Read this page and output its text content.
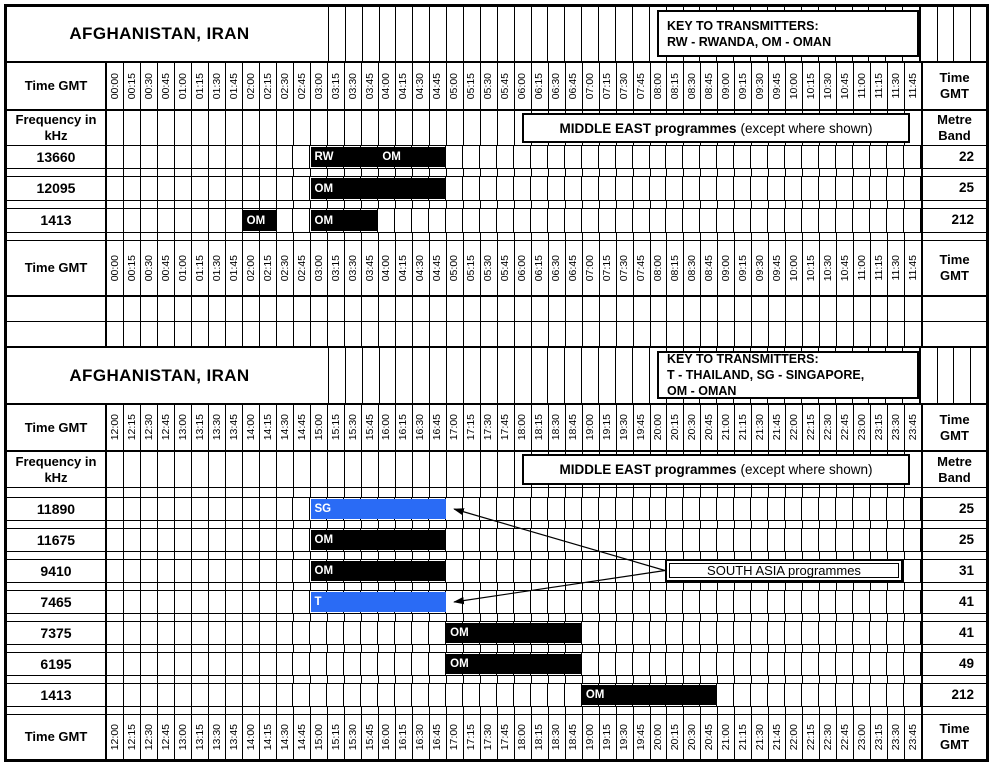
AFGHANISTAN, IRAN	KEY TO TRANSMITTERS:
RW - RWANDA, OM - OMAN
Time GMT	00:00 00:15 00:30 00:45 01:00 01:15 01:30 01:45 02:00 02:15 02:30 02:45 03:00 03:15 03:30 03:45 04:00 04:15 04:30 04:45 05:00 05:15 05:30 05:45 06:00 06:15 06:30 06:45 07:00 07:15 07:30 07:45 08:00 08:15 08:30 08:45 09:00 09:15 09:30 09:45 10:00 10:15 10:30 10:45 11:00 11:15 11:30 11:45 Time
GMT
Frequency in
kHz	MIDDLE EAST programmes (except where shown)
Metre
Band
13660	RW	OM	22
12095	OM	25
1413	OM	OM	212
Time GMT	00:00 00:15 00:30 00:45 01:00 01:15 01:30 01:45 02:00 02:15 02:30 02:45 03:00 03:15 03:30 03:45 04:00 04:15 04:30 04:45 05:00 05:15 05:30 05:45 06:00 06:15 06:30 06:45 07:00 07:15 07:30 07:45 08:00 08:15 08:30 08:45 09:00 09:15 09:30 09:45 10:00 10:15 10:30 10:45 11:00 11:15 11:30 11:45 Time
GMT
AFGHANISTAN, IRAN
KEY TO TRANSMITTERS:
T - THAILAND, SG - SINGAPORE,
OM - OMAN
Time GMT	12:00 12:15 12:30 12:45 13:00 13:15 13:30 13:45 14:00 14:15 14:30 14:45 15:00 15:15 15:30 15:45 16:00 16:15 16:30 16:45 17:00 17:15 17:30 17:45 18:00 18:15 18:30 18:45 19:00 19:15 19:30 19:45 20:00 20:15 20:30 20:45 21:00 21:15 21:30 21:45 22:00 22:15 22:30 22:45 23:00 23:15 23:30 23:45 Time
GMT
Frequency in
kHz	MIDDLE EAST programmes (except where shown)
Metre
Band
11890	SG	25
11675	OM	25
9410	OM	31
7465	T	41
7375	OM	41
6195	OM	49
1413	OM	212
Time GMT	12:00 12:15 12:30 12:45 13:00 13:15 13:30 13:45 14:00 14:15 14:30 14:45 15:00 15:15 15:30 15:45 16:00 16:15 16:30 16:45 17:00 17:15 17:30 17:45 18:00 18:15 18:30 18:45 19:00 19:15 19:30 19:45 20:00 20:15 20:30 20:45 21:00 21:15 21:30 21:45 22:00 22:15 22:30 22:45 23:00 23:15 23:30 23:45 Time
GMT
SOUTH ASIA programmes
